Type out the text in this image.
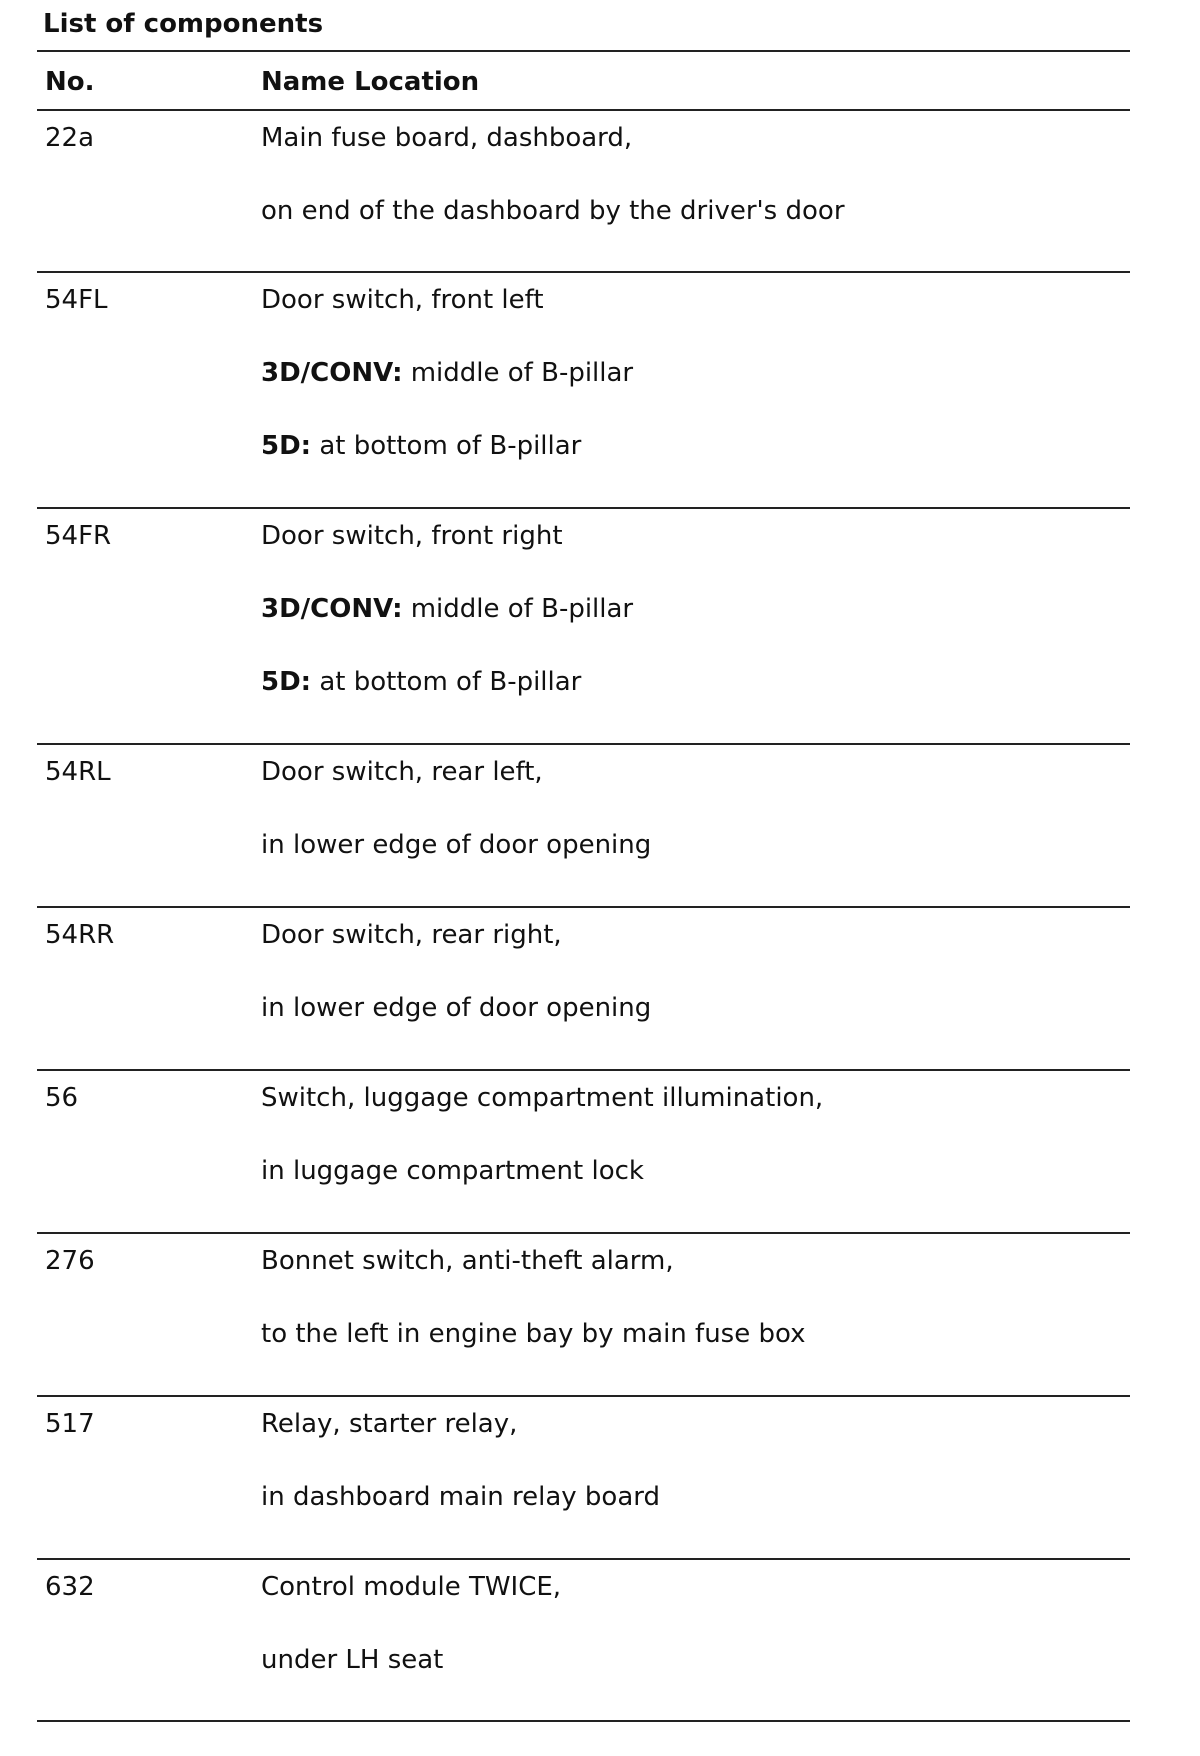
List of components
No.	Name Location
22a	Main fuse board, dashboard,
on end of the dashboard by the driver's door
54FL	Door switch, front left
3D/CONV: middle of B-pillar
5D: at bottom of B-pillar
54FR	Door switch, front right
3D/CONV: middle of B-pillar
5D: at bottom of B-pillar
54RL	Door switch, rear left,
in lower edge of door opening
54RR	Door switch, rear right,
in lower edge of door opening
56	Switch, luggage compartment illumination,
in luggage compartment lock
276	Bonnet switch, anti-theft alarm,
to the left in engine bay by main fuse box
517	Relay, starter relay,
in dashboard main relay board
632	Control module TWICE,
under LH seat
